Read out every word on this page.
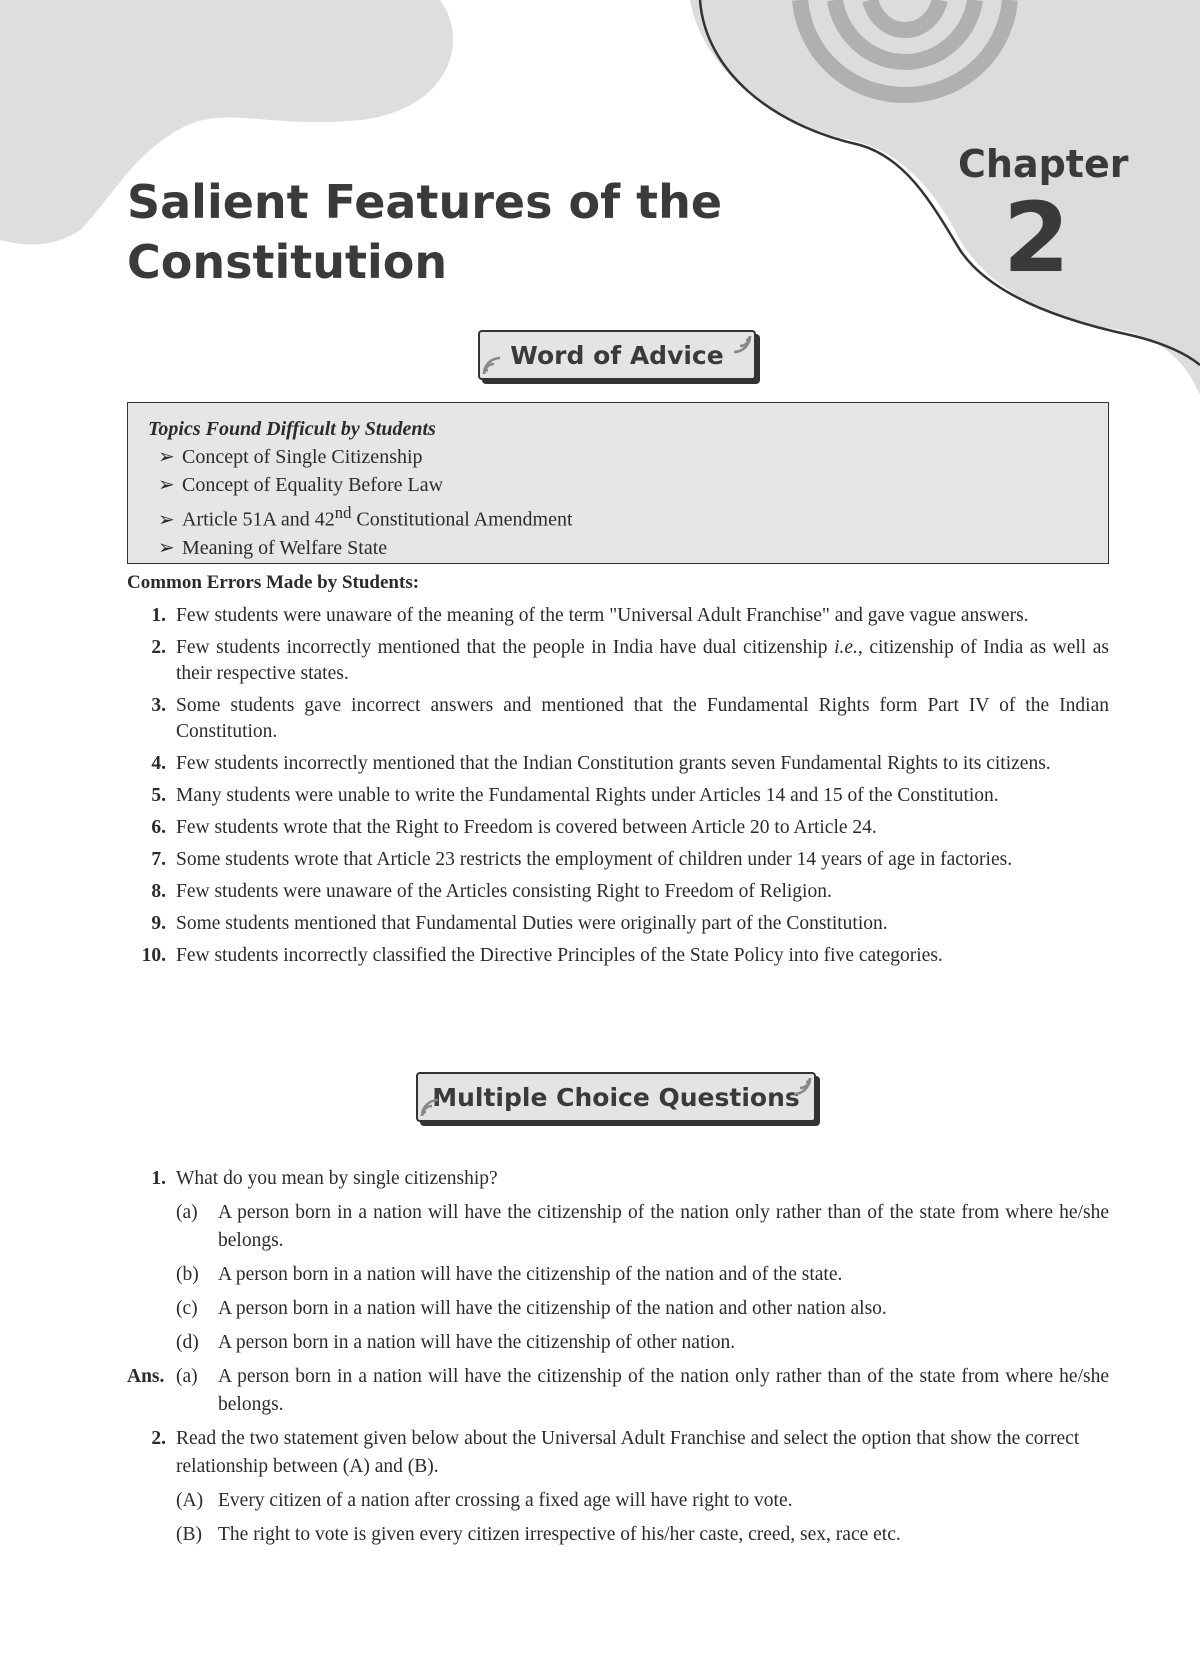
Salient Features of the
Constitution
Chapter
2
Word of Advice

Topics Found Difficult by Students

➢ Concept of Single Citizenship
➢ Concept of Equality Before Law
➢ Article 51A and 42nd Constitutional Amendment
➢ Meaning of Welfare State

Common Errors Made by Students:

1. Few students were unaware of the meaning of the term "Universal Adult Franchise" and gave vague answers.
2. Few students incorrectly mentioned that the people in India have dual citizenship i.e., citizenship of India as well as their respective states.
3. Some students gave incorrect answers and mentioned that the Fundamental Rights form Part IV of the Indian Constitution.
4. Few students incorrectly mentioned that the Indian Constitution grants seven Fundamental Rights to its citizens.
5. Many students were unable to write the Fundamental Rights under Articles 14 and 15 of the Constitution.
6. Few students wrote that the Right to Freedom is covered between Article 20 to Article 24.
7. Some students wrote that Article 23 restricts the employment of children under 14 years of age in factories.
8. Few students were unaware of the Articles consisting Right to Freedom of Religion.
9. Some students mentioned that Fundamental Duties were originally part of the Constitution.
10. Few students incorrectly classified the Directive Principles of the State Policy into five categories.
Multiple Choice Questions
1. What do you mean by single citizenship?
(a)	A person born in a nation will have the citizenship of the nation only rather than of the state from where he/she belongs.
(b) A person born in a nation will have the citizenship of the nation and of the state.
(c)	A person born in a nation will have the citizenship of the nation and other nation also.
(d) A person born in a nation will have the citizenship of other nation.
Ans. (a)	A person born in a nation will have the citizenship of the nation only rather than of the state from where he/she belongs.
2. Read the two statement given below about the Universal Adult Franchise and select the option that show the correct relationship between (A) and (B).
(A) Every citizen of a nation after crossing a fixed age will have right to vote.
(B) The right to vote is given every citizen irrespective of his/her caste, creed, sex, race etc.
